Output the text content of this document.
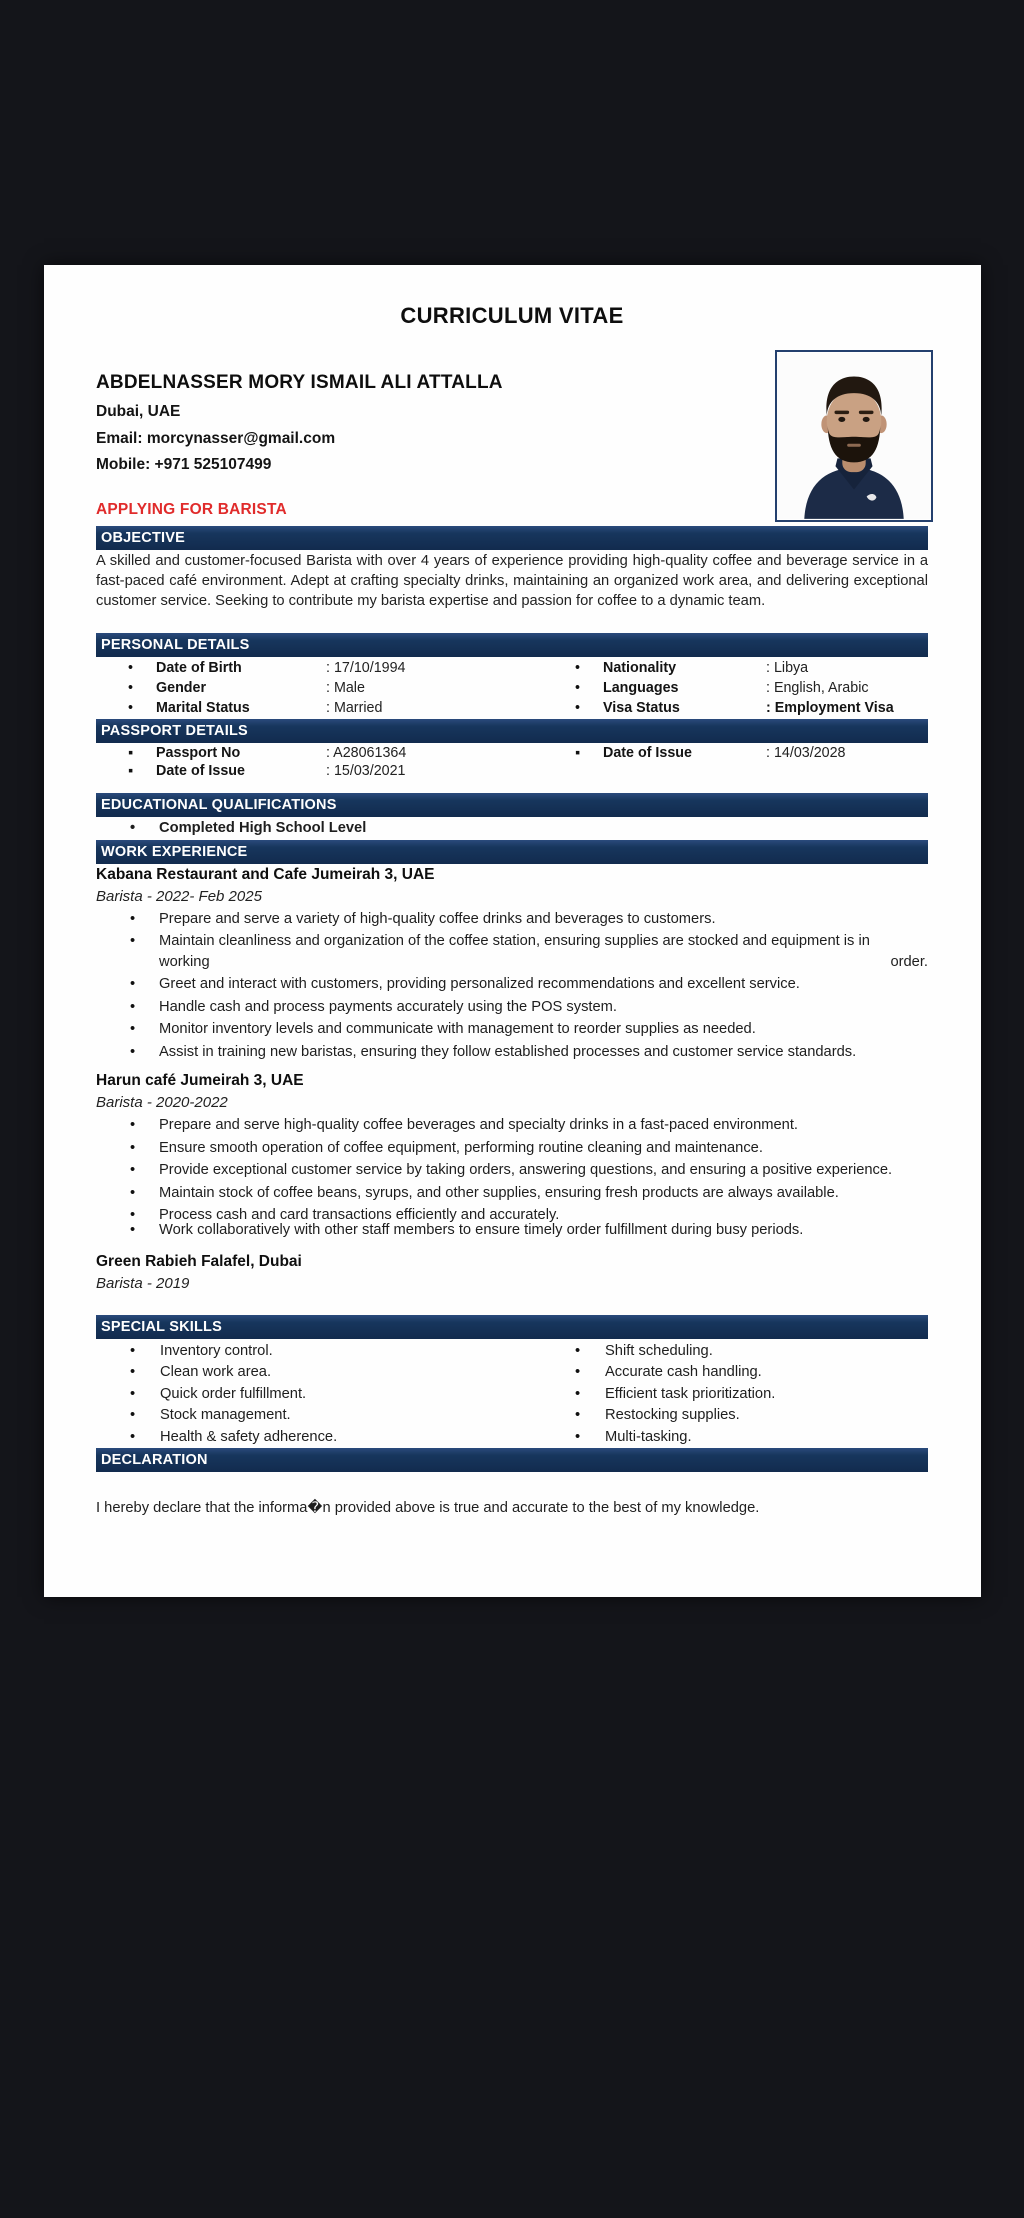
CURRICULUM VITAE
ABDELNASSER MORY ISMAIL ALI ATTALLA
Dubai, UAE
Email: morcynasser@gmail.com
Mobile: +971 525107499
APPLYING FOR BARISTA
OBJECTIVE

A skilled and customer-focused Barista with over 4 years of experience providing high-quality coffee and beverage service in a fast-paced café environment. Adept at crafting specialty drinks, maintaining an organized work area, and delivering exceptional customer service. Seeking to contribute my barista expertise and passion for coffee to a dynamic team.

PERSONAL DETAILS
•	Date of Birth	: 17/10/1994	•	Nationality	: Libya
•	Gender	: Male	•	Languages	: English, Arabic
•	Marital Status	: Married	•	Visa Status	: Employment Visa
PASSPORT DETAILS
▪	Passport No	: A28061364	▪	Date of Issue	: 14/03/2028
▪	Date of Issue	: 15/03/2021
EDUCATIONAL QUALIFICATIONS
• Completed High School Level
WORK EXPERIENCE
Kabana Restaurant and Cafe Jumeirah 3, UAE
Barista - 2022- Feb 2025
• Prepare and serve a variety of high-quality coffee drinks and beverages to customers.
• Maintain cleanliness and organization of the coffee station, ensuring supplies are stocked and equipment is in
working	order.
• Greet and interact with customers, providing personalized recommendations and excellent service.
• Handle cash and process payments accurately using the POS system.
• Monitor inventory levels and communicate with management to reorder supplies as needed.
• Assist in training new baristas, ensuring they follow established processes and customer service standards.
Harun café Jumeirah 3, UAE
Barista - 2020-2022
• Prepare and serve high-quality coffee beverages and specialty drinks in a fast-paced environment.
• Ensure smooth operation of coffee equipment, performing routine cleaning and maintenance.
• Provide exceptional customer service by taking orders, answering questions, and ensuring a positive experience.
• Maintain stock of coffee beans, syrups, and other supplies, ensuring fresh products are always available.
• Process cash and card transactions efficiently and accurately.
• Work collaboratively with other staff members to ensure timely order fulfillment during busy periods.
Green Rabieh Falafel, Dubai
Barista - 2019
SPECIAL SKILLS
• Inventory control.
• Clean work area.
• Quick order fulfillment.
• Stock management.
• Health & safety adherence.
• Shift scheduling.
• Accurate cash handling.
• Efficient task prioritization.
• Restocking supplies.
• Multi-tasking.
DECLARATION

I hereby declare that the informa�n provided above is true and accurate to the best of my knowledge.
